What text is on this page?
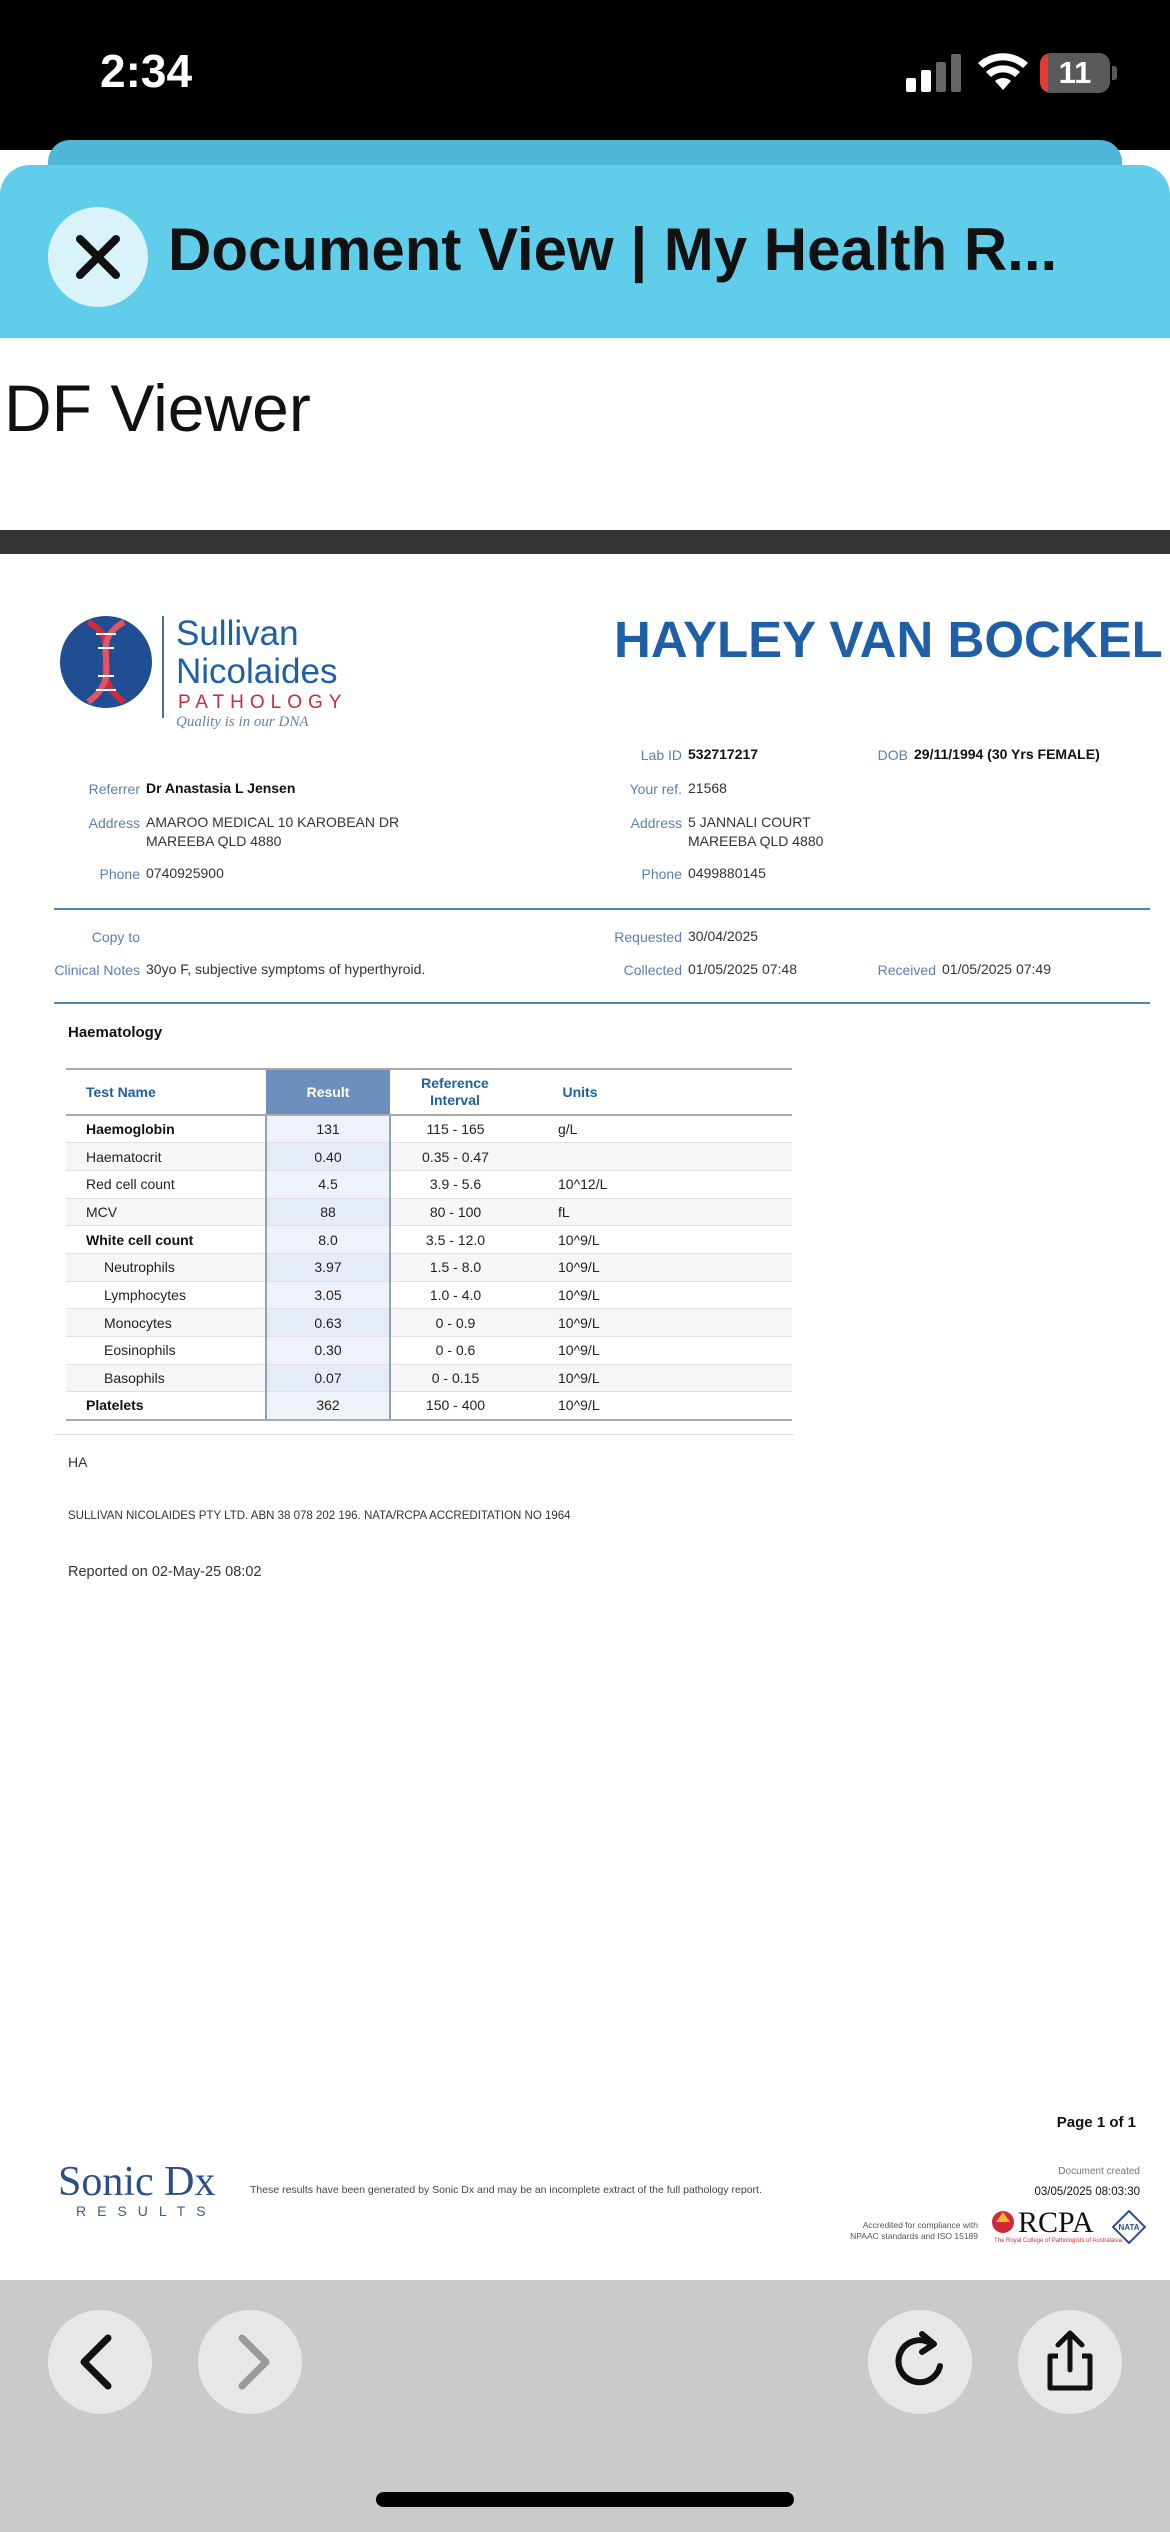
2:34	11
Document View | My Health R...
DF Viewer
Sullivan
Nicolaides
PATHOLOGY
Quality is in our DNA
HAYLEY VAN BOCKEL
Lab ID 532717217	DOB 29/11/1994 (30 Yrs FEMALE)
Referrer Dr Anastasia L Jensen	Your ref. 21568
Address AMAROO MEDICAL 10 KAROBEAN DR
MAREEBA QLD 4880
Address 5 JANNALI COURT
MAREEBA QLD 4880
Phone 0740925900	Phone 0499880145
Copy to	Requested 30/04/2025
Clinical Notes 30yo F, subjective symptoms of hyperthyroid.	Collected 01/05/2025 07:48	Received 01/05/2025 07:49
Haematology
Test Name	Result	Reference
Interval	Units	
Haemoglobin	131	115 - 165	g/L	
Haematocrit	0.40	0.35 - 0.47		
Red cell count	4.5	3.9 - 5.6	10^12/L	
MCV	88	80 - 100	fL	
White cell count	8.0	3.5 - 12.0	10^9/L	
Neutrophils	3.97	1.5 - 8.0	10^9/L	
Lymphocytes	3.05	1.0 - 4.0	10^9/L	
Monocytes	0.63	0 - 0.9	10^9/L	
Eosinophils	0.30	0 - 0.6	10^9/L	
Basophils	0.07	0 - 0.15	10^9/L	
Platelets	362	150 - 400	10^9/L	
HA
SULLIVAN NICOLAIDES PTY LTD. ABN 38 078 202 196. NATA/RCPA ACCREDITATION NO 1964
Reported on 02-May-25 08:02
Page 1 of 1
Sonic Dx
RESULTS
These results have been generated by Sonic Dx and may be an incomplete extract of the full pathology report.
Document created
03/05/2025 08:03:30
Accredited for compliance with
NPAAC standards and ISO 15189 RCPA
The Royal College of Pathologists of Australasia
NATA
